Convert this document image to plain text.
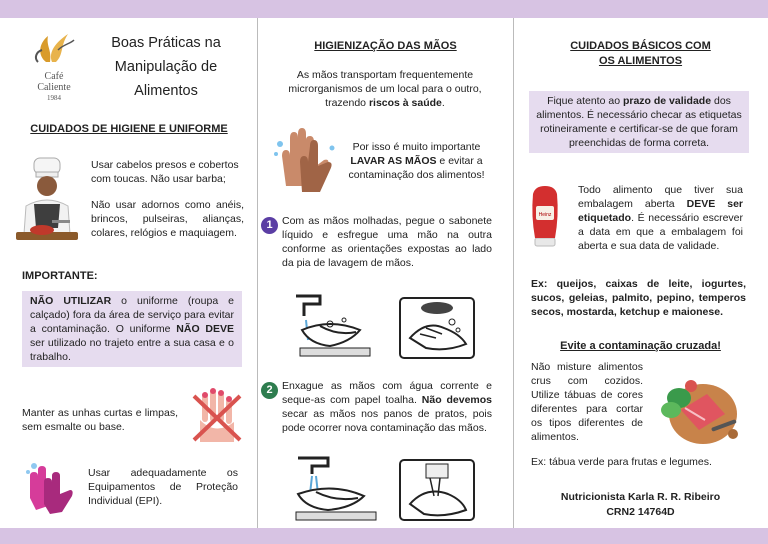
Café
Caliente
1984
Boas Práticas na
Manipulação de
Alimentos
CUIDADOS DE HIGIENE E UNIFORME
Usar cabelos presos e cobertos com toucas. Não usar barba;
Não usar adornos como anéis, brincos, pulseiras, alianças, colares, relógios e maquiagem.
IMPORTANTE:
NÃO UTILIZAR o uniforme (roupa e calçado) fora da área de serviço para evitar a contaminação. O uniforme NÃO DEVE ser utilizado no trajeto entre a sua casa e o trabalho.
Manter as unhas curtas e limpas, sem esmalte ou base.
Usar adequadamente os Equipamentos de Proteção Individual (EPI).
HIGIENIZAÇÃO DAS MÃOS
As mãos transportam frequentemente microrganismos de um local para o outro, trazendo riscos à saúde.
Por isso é muito importante LAVAR AS MÃOS e evitar a contaminação dos alimentos!
1 Com as mãos molhadas, pegue o sabonete líquido e esfregue uma mão na outra conforme as orientações expostas ao lado da pia de lavagem de mãos.
2 Enxague as mãos com água corrente e seque-as com papel toalha. Não devemos secar as mãos nos panos de pratos, pois pode ocorrer nova contaminação das mãos.
CUIDADOS BÁSICOS COM
OS ALIMENTOS
Fique atento ao prazo de validade dos alimentos. É necessário checar as etiquetas rotineiramente e certificar-se de que foram preenchidas de forma correta.
Heinz
Todo alimento que tiver sua embalagem aberta DEVE ser etiquetado. É necessário escrever a data em que a embalagem foi aberta e sua data de validade.
Ex: queijos, caixas de leite, iogurtes, sucos, geleias, palmito, pepino, temperos secos, mostarda, ketchup e maionese.
Evite a contaminação cruzada!
Não misture alimentos crus com cozidos. Utilize tábuas de cores diferentes para cortar os tipos diferentes de alimentos.
Ex: tábua verde para frutas e legumes.
Nutricionista Karla R. R. Ribeiro
CRN2 14764D
